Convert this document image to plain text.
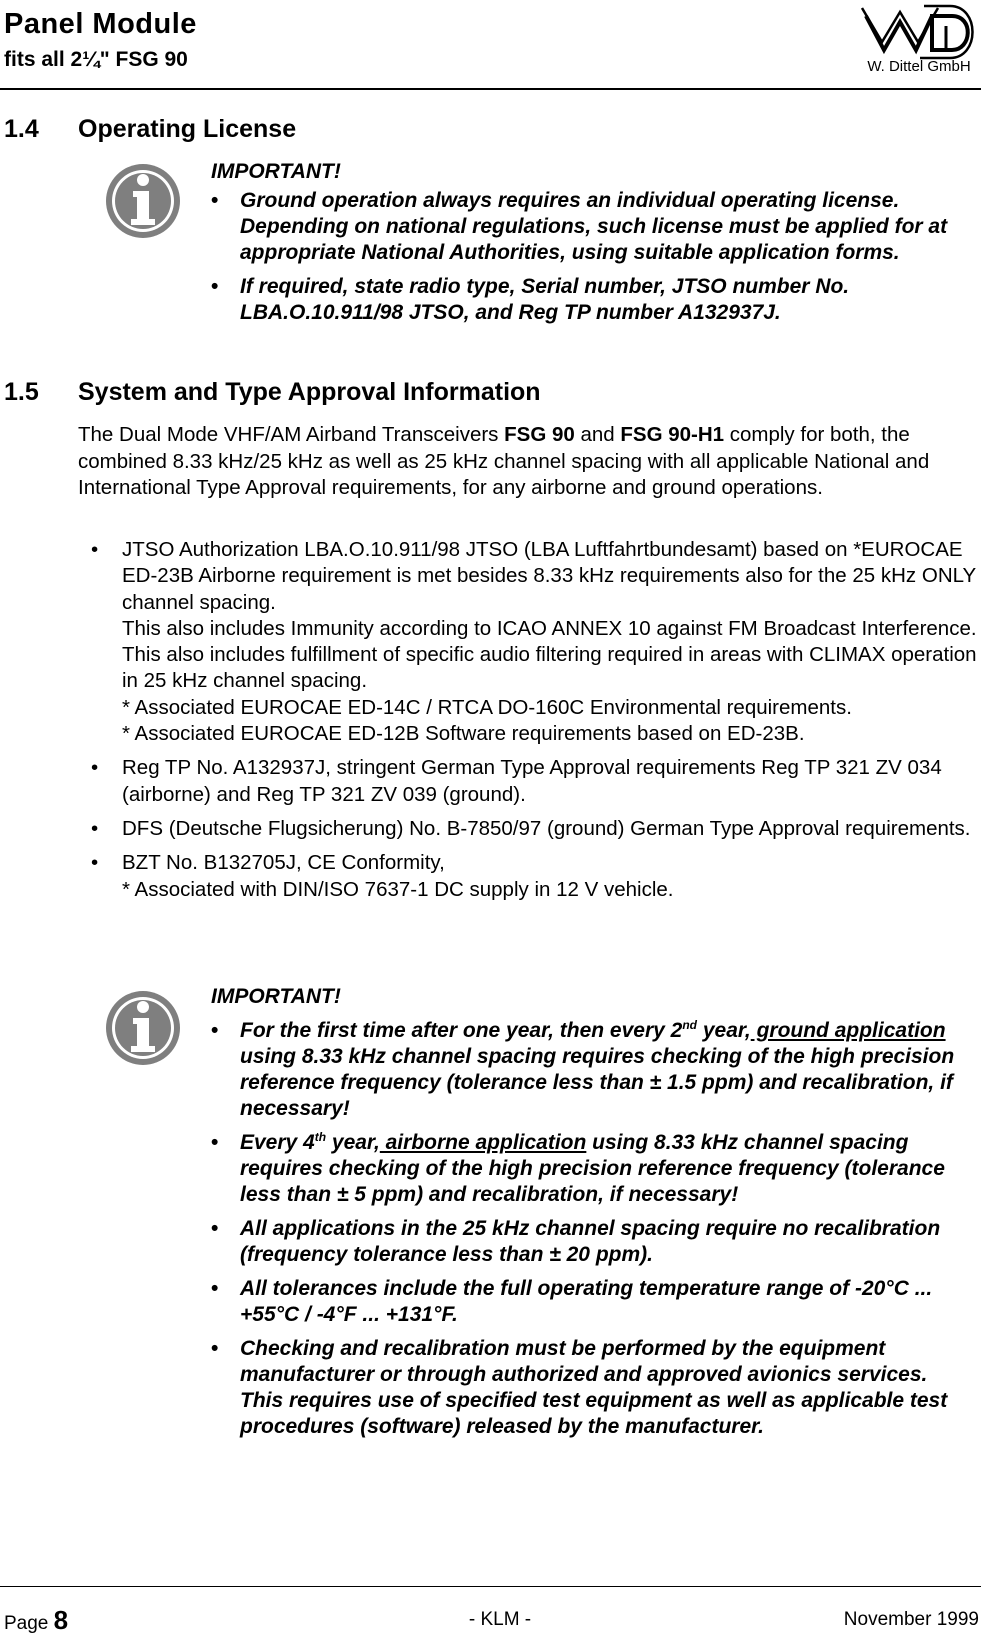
Panel Module
fits all 2¼" FSG 90	W. Dittel GmbH
1.4 Operating License
IMPORTANT!
• Ground operation always requires an individual operating license. Depending on national regulations, such license must be applied for at appropriate National Authorities, using suitable application forms.
• If required, state radio type, Serial number, JTSO number No. LBA.O.10.911/98 JTSO, and Reg TP number A132937J.
1.5 System and Type Approval Information
The Dual Mode VHF/AM Airband Transceivers FSG 90 and FSG 90-H1 comply for both, the combined 8.33 kHz/25 kHz as well as 25 kHz channel spacing with all applicable National and International Type Approval requirements, for any airborne and ground operations.
• JTSO Authorization LBA.O.10.911/98 JTSO (LBA Luftfahrtbundesamt) based on *EUROCAE ED-23B Airborne requirement is met besides 8.33 kHz requirements also for the 25 kHz ONLY channel spacing.
This also includes Immunity according to ICAO ANNEX 10 against FM Broadcast Interference.
This also includes fulfillment of specific audio filtering required in areas with CLIMAX operation in 25 kHz channel spacing.
* Associated EUROCAE ED-14C / RTCA DO-160C Environmental requirements.
* Associated EUROCAE ED-12B Software requirements based on ED-23B.
• Reg TP No. A132937J, stringent German Type Approval requirements Reg TP 321 ZV 034 (airborne) and Reg TP 321 ZV 039 (ground).
• DFS (Deutsche Flugsicherung) No. B-7850/97 (ground) German Type Approval requirements.
• BZT No. B132705J, CE Conformity,
* Associated with DIN/ISO 7637-1 DC supply in 12 V vehicle.
IMPORTANT!
• For the first time after one year, then every 2nd year, ground application using 8.33 kHz channel spacing requires checking of the high precision reference frequency (tolerance less than ± 1.5 ppm) and recalibration, if necessary!
• Every 4th year, airborne application using 8.33 kHz channel spacing requires checking of the high precision reference frequency (tolerance less than ± 5 ppm) and recalibration, if necessary!
• All applications in the 25 kHz channel spacing require no recalibration (frequency tolerance less than ± 20 ppm).
• All tolerances include the full operating temperature range of -20°C ... +55°C / -4°F ... +131°F.
• Checking and recalibration must be performed by the equipment manufacturer or through authorized and approved avionics services. This requires use of specified test equipment as well as applicable test procedures (software) released by the manufacturer.
Page 8	- KLM -	November 1999
